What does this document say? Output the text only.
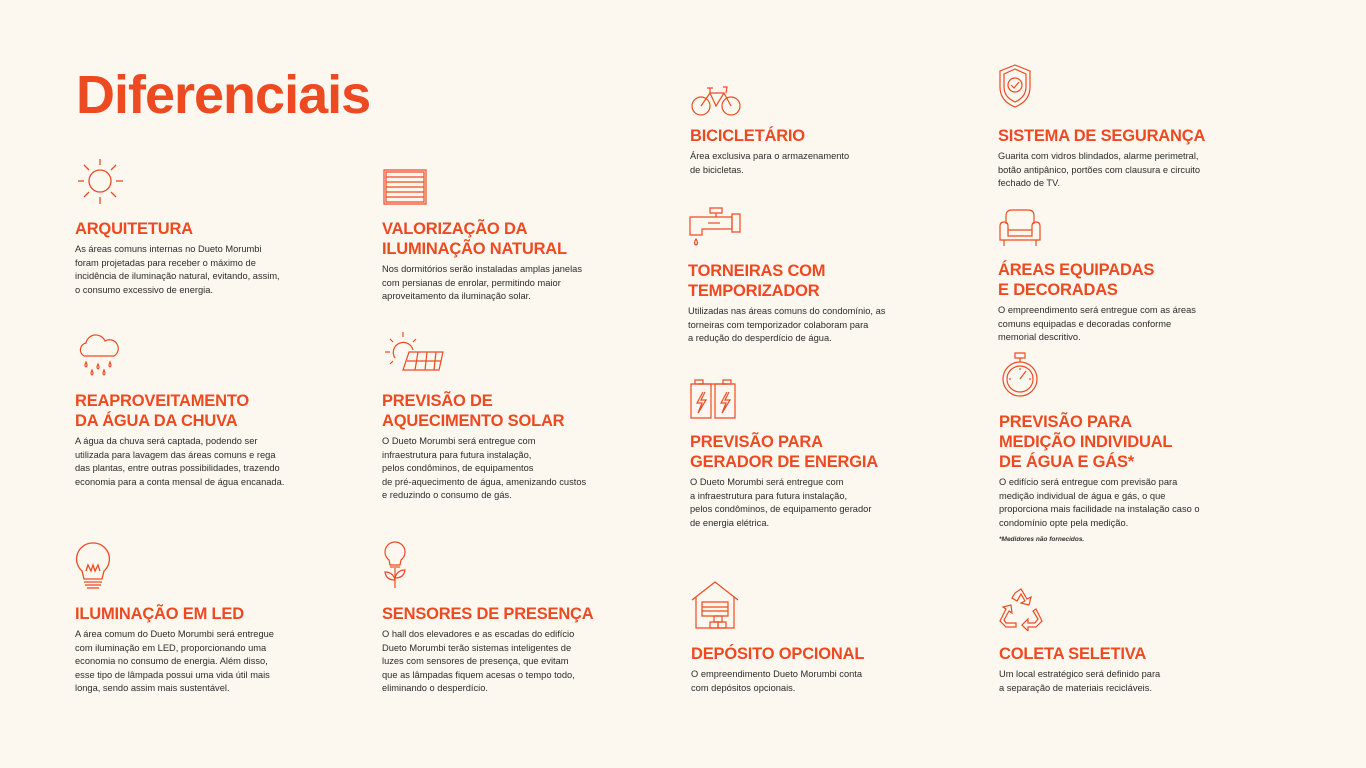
Diferenciais
ARQUITETURA

As áreas comuns internas no Dueto Morumbi
foram projetadas para receber o máximo de
incidência de iluminação natural, evitando, assim,
o consumo excessivo de energia.

REAPROVEITAMENTO
DA ÁGUA DA CHUVA

A água da chuva será captada, podendo ser
utilizada para lavagem das áreas comuns e rega
das plantas, entre outras possibilidades, trazendo
economia para a conta mensal de água encanada.

ILUMINAÇÃO EM LED

A área comum do Dueto Morumbi será entregue
com iluminação em LED, proporcionando uma
economia no consumo de energia. Além disso,
esse tipo de lâmpada possui uma vida útil mais
longa, sendo assim mais sustentável.

VALORIZAÇÃO DA
ILUMINAÇÃO NATURAL

Nos dormitórios serão instaladas amplas janelas
com persianas de enrolar, permitindo maior
aproveitamento da iluminação solar.

PREVISÃO DE
AQUECIMENTO SOLAR

O Dueto Morumbi será entregue com
infraestrutura para futura instalação,
pelos condôminos, de equipamentos
de pré-aquecimento de água, amenizando custos
e reduzindo o consumo de gás.

SENSORES DE PRESENÇA

O hall dos elevadores e as escadas do edifício
Dueto Morumbi terão sistemas inteligentes de
luzes com sensores de presença, que evitam
que as lâmpadas fiquem acesas o tempo todo,
eliminando o desperdício.

BICICLETÁRIO

Área exclusiva para o armazenamento
de bicicletas.

TORNEIRAS COM
TEMPORIZADOR

Utilizadas nas áreas comuns do condomínio, as
torneiras com temporizador colaboram para
a redução do desperdício de água.

PREVISÃO PARA
GERADOR DE ENERGIA

O Dueto Morumbi será entregue com
a infraestrutura para futura instalação,
pelos condôminos, de equipamento gerador
de energia elétrica.

DEPÓSITO OPCIONAL

O empreendimento Dueto Morumbi conta
com depósitos opcionais.

SISTEMA DE SEGURANÇA

Guarita com vidros blindados, alarme perimetral,
botão antipânico, portões com clausura e circuito
fechado de TV.

ÁREAS EQUIPADAS
E DECORADAS

O empreendimento será entregue com as áreas
comuns equipadas e decoradas conforme
memorial descritivo.

PREVISÃO PARA
MEDIÇÃO INDIVIDUAL
DE ÁGUA E GÁS*

O edifício será entregue com previsão para
medição individual de água e gás, o que
proporciona mais facilidade na instalação caso o
condomínio opte pela medição.
*Medidores não fornecidos.

COLETA SELETIVA

Um local estratégico será definido para
a separação de materiais recicláveis.
